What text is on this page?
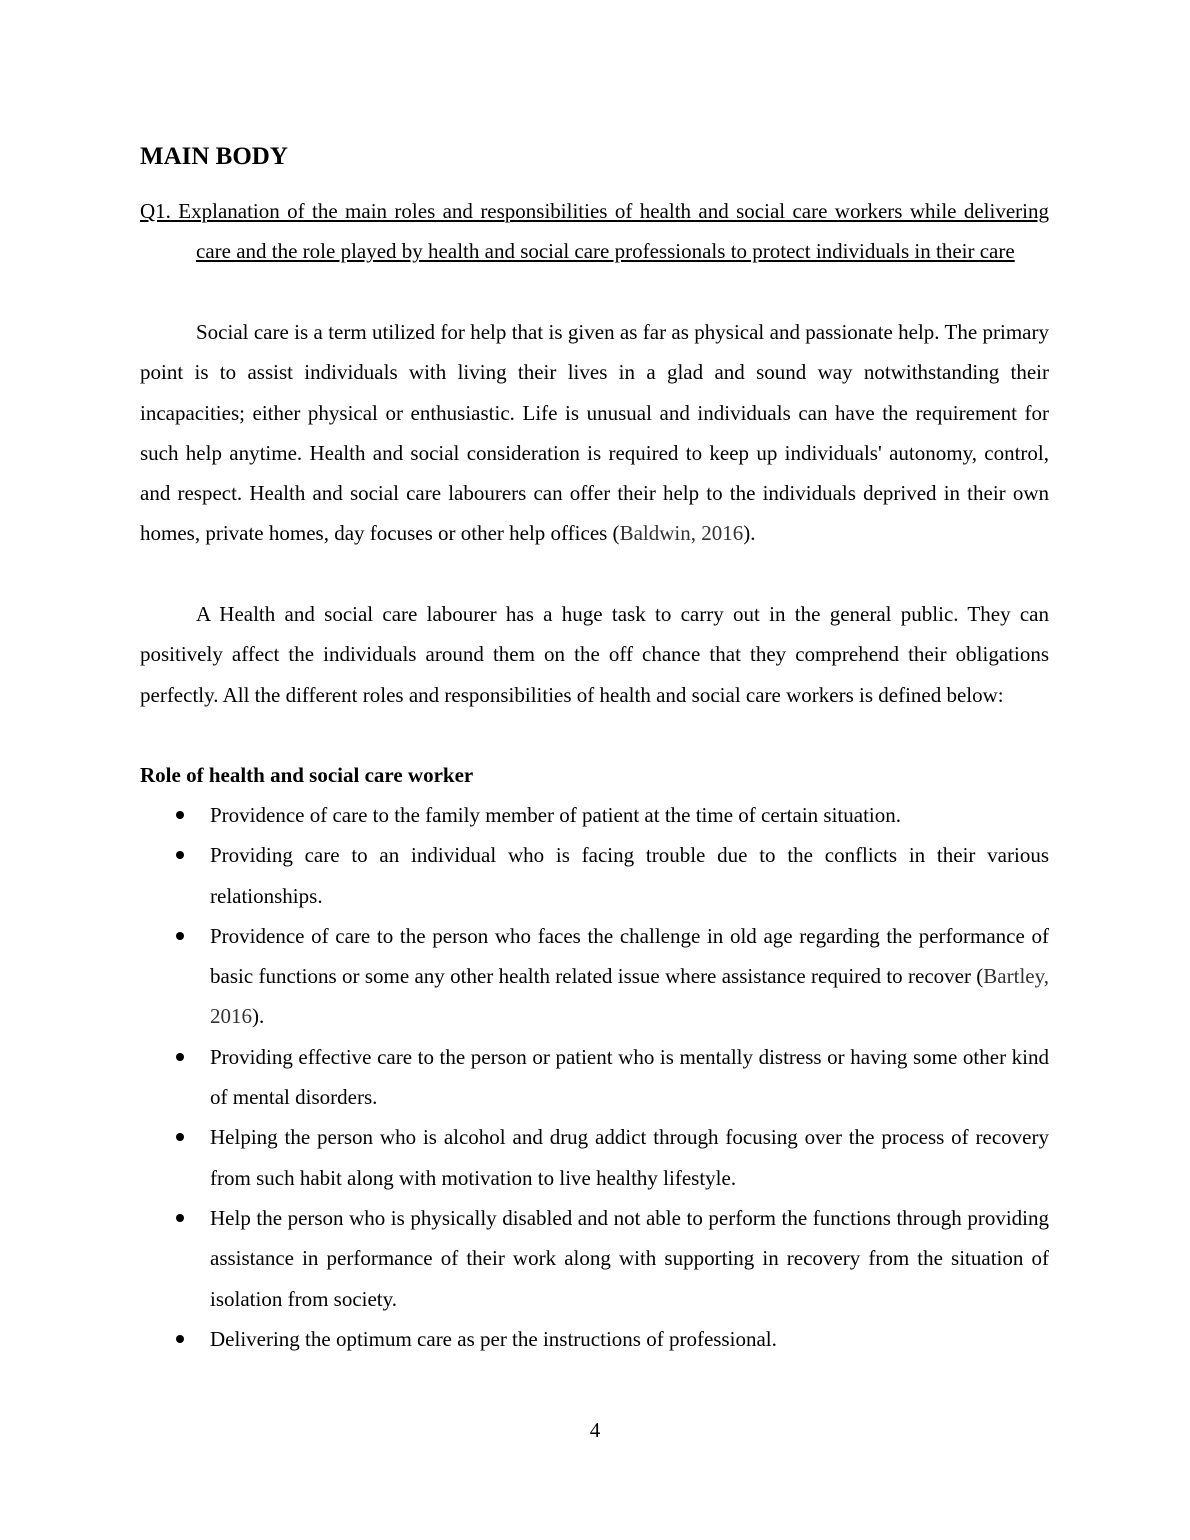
MAIN BODY

Q1. Explanation of the main roles and responsibilities of health and social care workers while delivering care and the role played by health and social care professionals to protect individuals in their care

Social care is a term utilized for help that is given as far as physical and passionate help. The primary point is to assist individuals with living their lives in a glad and sound way notwithstanding their incapacities; either physical or enthusiastic. Life is unusual and individuals can have the requirement for such help anytime. Health and social consideration is required to keep up individuals' autonomy, control, and respect. Health and social care labourers can offer their help to the individuals deprived in their own homes, private homes, day focuses or other help offices (Baldwin, 2016).

A Health and social care labourer has a huge task to carry out in the general public. They can positively affect the individuals around them on the off chance that they comprehend their obligations perfectly. All the different roles and responsibilities of health and social care workers is defined below:

Role of health and social care worker

Providence of care to the family member of patient at the time of certain situation.
Providing care to an individual who is facing trouble due to the conflicts in their various relationships.
Providence of care to the person who faces the challenge in old age regarding the performance of basic functions or some any other health related issue where assistance required to recover (Bartley, 2016).
Providing effective care to the person or patient who is mentally distress or having some other kind of mental disorders.
Helping the person who is alcohol and drug addict through focusing over the process of recovery from such habit along with motivation to live healthy lifestyle.
Help the person who is physically disabled and not able to perform the functions through providing assistance in performance of their work along with supporting in recovery from the situation of isolation from society.
Delivering the optimum care as per the instructions of professional.
4
